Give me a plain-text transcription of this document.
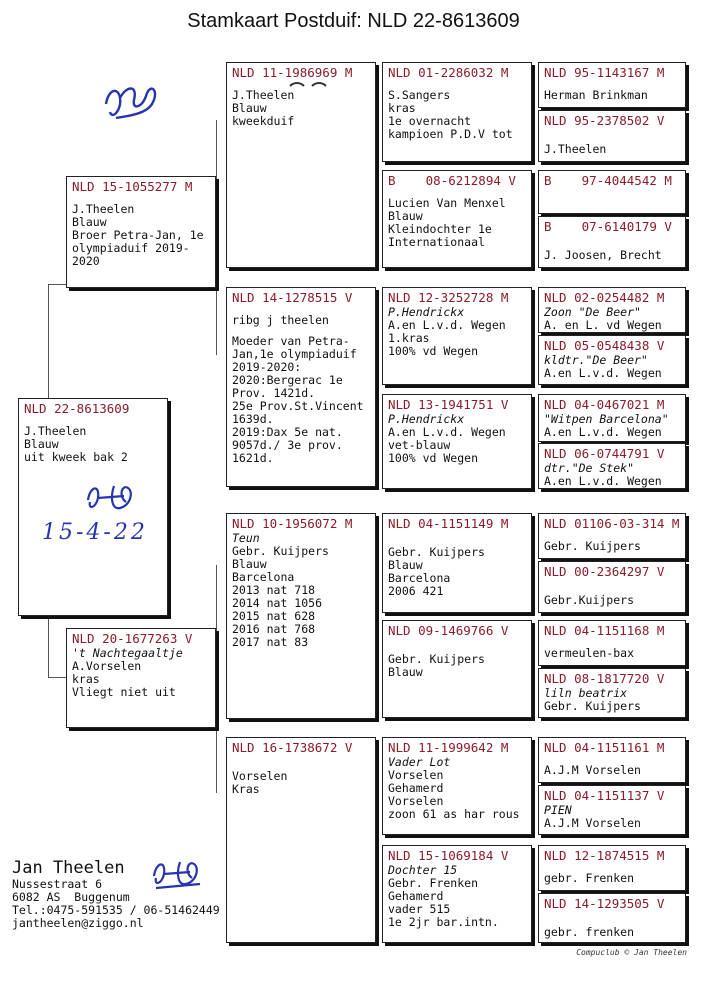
Stamkaart Postduif: NLD 22-8613609
NLD 15-1055277 M
J.Theelen
Blauw
Broer Petra-Jan, 1e olympiaduif 2019-2020
NLD 22-8613609
J.Theelen
Blauw
uit kweek bak 2
15-4-22
NLD 20-1677263 V
't Nachtegaaltje
A.Vorselen
kras
Vliegt niet uit
NLD 11-1986969 M
J.Theelen
Blauw
kweekduif
NLD 14-1278515 V
ribg j theelen
Moeder van Petra-Jan,1e olympiaduif 2019-2020:
2020:Bergerac 1e Prov. 1421d.
25e Prov.St.Vincent 1639d.
2019:Dax 5e nat. 9057d./ 3e prov. 1621d.
NLD 10-1956072 M
Teun
Gebr. Kuijpers
Blauw
Barcelona
2013 nat 718
2014 nat 1056
2015 nat 628
2016 nat 768
2017 nat 83
NLD 16-1738672 V
Vorselen
Kras
NLD 01-2286032 M
S.Sangers
kras
1e overnacht kampioen P.D.V tot
B    08-6212894 V
Lucien Van Menxel
Blauw
Kleindochter 1e Internationaal
NLD 12-3252728 M
P.Hendrickx
A.en L.v.d. Wegen
1.kras
100% vd Wegen
NLD 13-1941751 V
P.Hendrickx
A.en L.v.d. Wegen
vet-blauw
100% vd Wegen
NLD 04-1151149 M
Gebr. Kuijpers
Blauw
Barcelona
2006 421
NLD 09-1469766 V
Gebr. Kuijpers
Blauw
NLD 11-1999642 M
Vader Lot
Vorselen
Gehamerd
Vorselen
zoon 61 as har rous
NLD 15-1069184 V
Dochter 15
Gebr. Frenken
Gehamerd
vader 515
1e 2jr bar.intn.
NLD 95-1143167 M
Herman Brinkman
NLD 95-2378502 V
J.Theelen
B    97-4044542 M
B    07-6140179 V
J. Joosen, Brecht
NLD 02-0254482 M
Zoon "De Beer"
A. en L. vd Wegen
NLD 05-0548438 V
kldtr."De Beer"
A.en L.v.d. Wegen
NLD 04-0467021 M
"Witpen Barcelona"
A.en L.v.d. Wegen
NLD 06-0744791 V
dtr."De Stek"
A.en L.v.d. Wegen
NLD 01106-03-314 M
Gebr. Kuijpers
NLD 00-2364297 V
Gebr.Kuijpers
NLD 04-1151168 M
vermeulen-bax
NLD 08-1817720 V
liln beatrix
Gebr. Kuijpers
NLD 04-1151161 M
A.J.M Vorselen
NLD 04-1151137 V
PIEN
A.J.M Vorselen
NLD 12-1874515 M
gebr. Frenken
NLD 14-1293505 V
gebr. frenken
Jan Theelen
Nussestraat 6
6082 AS  Buggenum
Tel.:0475-591535 / 06-51462449
jantheelen@ziggo.nl
Compuclub © Jan Theelen
